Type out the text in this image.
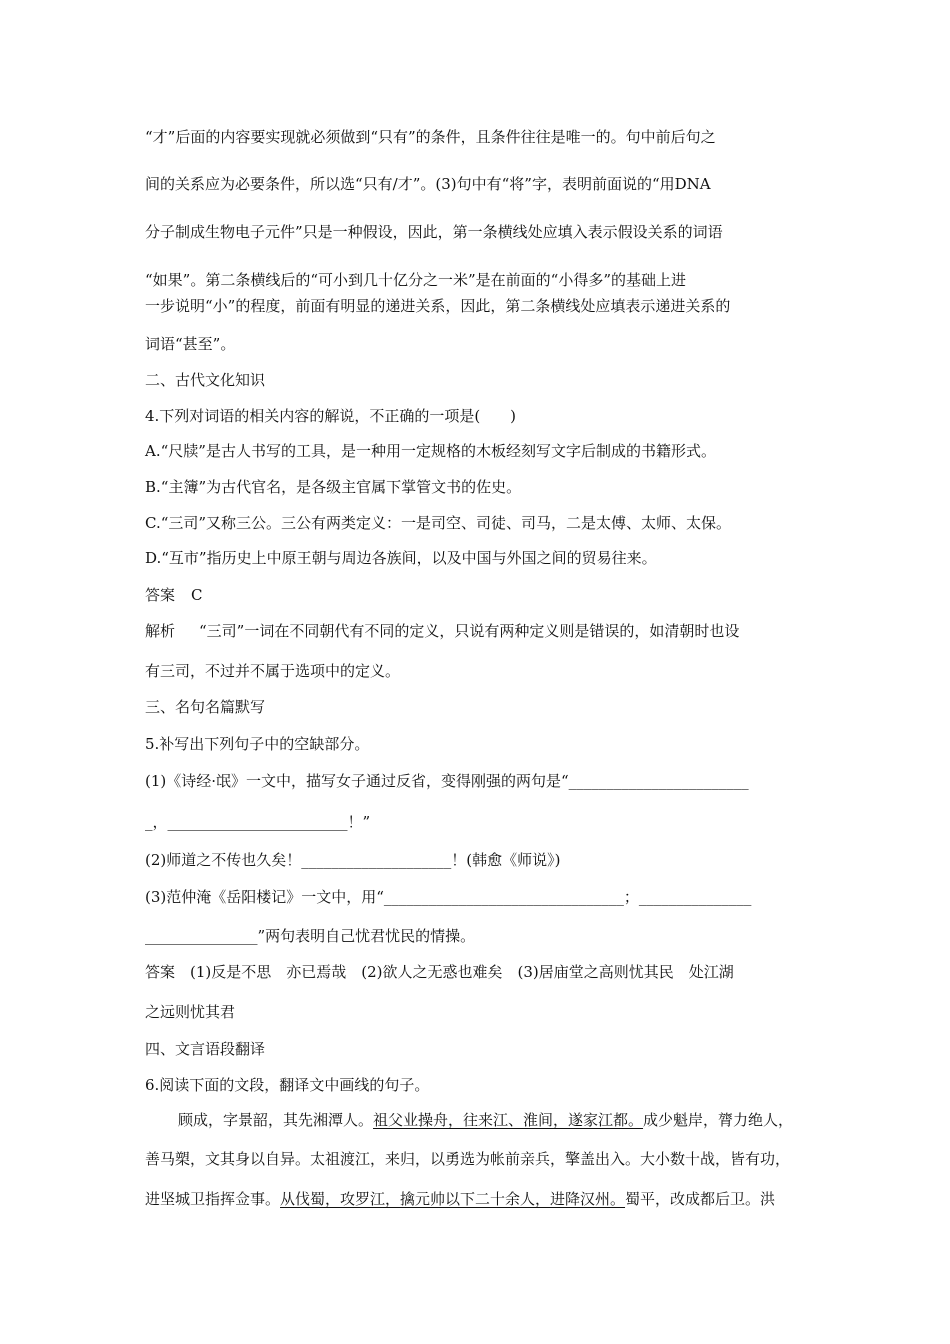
“才”后面的内容要实现就必须做到“只有”的条件，且条件往往是唯一的。句中前后句之
间的关系应为必要条件，所以选“只有/才”。(3)句中有“将”字，表明前面说的“用DNA
分子制成生物电子元件”只是一种假设，因此，第一条横线处应填入表示假设关系的词语
“如果”。第二条横线后的“可小到几十亿分之一米”是在前面的“小得多”的基础上进
一步说明“小”的程度，前面有明显的递进关系，因此，第二条横线处应填表示递进关系的
词语“甚至”。
二、古代文化知识
4.下列对词语的相关内容的解说，不正确的一项是(　　)
A.“尺牍”是古人书写的工具，是一种用一定规格的木板经刻写文字后制成的书籍形式。
B.“主簿”为古代官名，是各级主官属下掌管文书的佐史。
C.“三司”又称三公。三公有两类定义：一是司空、司徒、司马，二是太傅、太师、太保。
D.“互市”指历史上中原王朝与周边各族间，以及中国与外国之间的贸易往来。
答案 C
解析 “三司”一词在不同朝代有不同的定义，只说有两种定义则是错误的，如清朝时也设
有三司，不过并不属于选项中的定义。
三、名句名篇默写
5.补写出下列句子中的空缺部分。
(1)《诗经·氓》一文中，描写女子通过反省，变得刚强的两句是“________________________
_，________________________！”
(2)师道之不传也久矣！____________________！(韩愈《师说》)
(3)范仲淹《岳阳楼记》一文中，用“________________________________；_______________
_______________”两句表明自己忧君忧民的情操。
答案　(1)反是不思　亦已焉哉　(2)欲人之无惑也难矣　(3)居庙堂之高则忧其民　处江湖
之远则忧其君
四、文言语段翻译
6.阅读下面的文段，翻译文中画线的句子。
顾成，字景韶，其先湘潭人。祖父业操舟，往来江、淮间，遂家江都。成少魁岸，膂力绝人，
善马槊，文其身以自异。太祖渡江，来归，以勇选为帐前亲兵，擎盖出入。大小数十战，皆有功，
进坚城卫指挥佥事。从伐蜀，攻罗江，擒元帅以下二十余人，进降汉州。蜀平，改成都后卫。洪
